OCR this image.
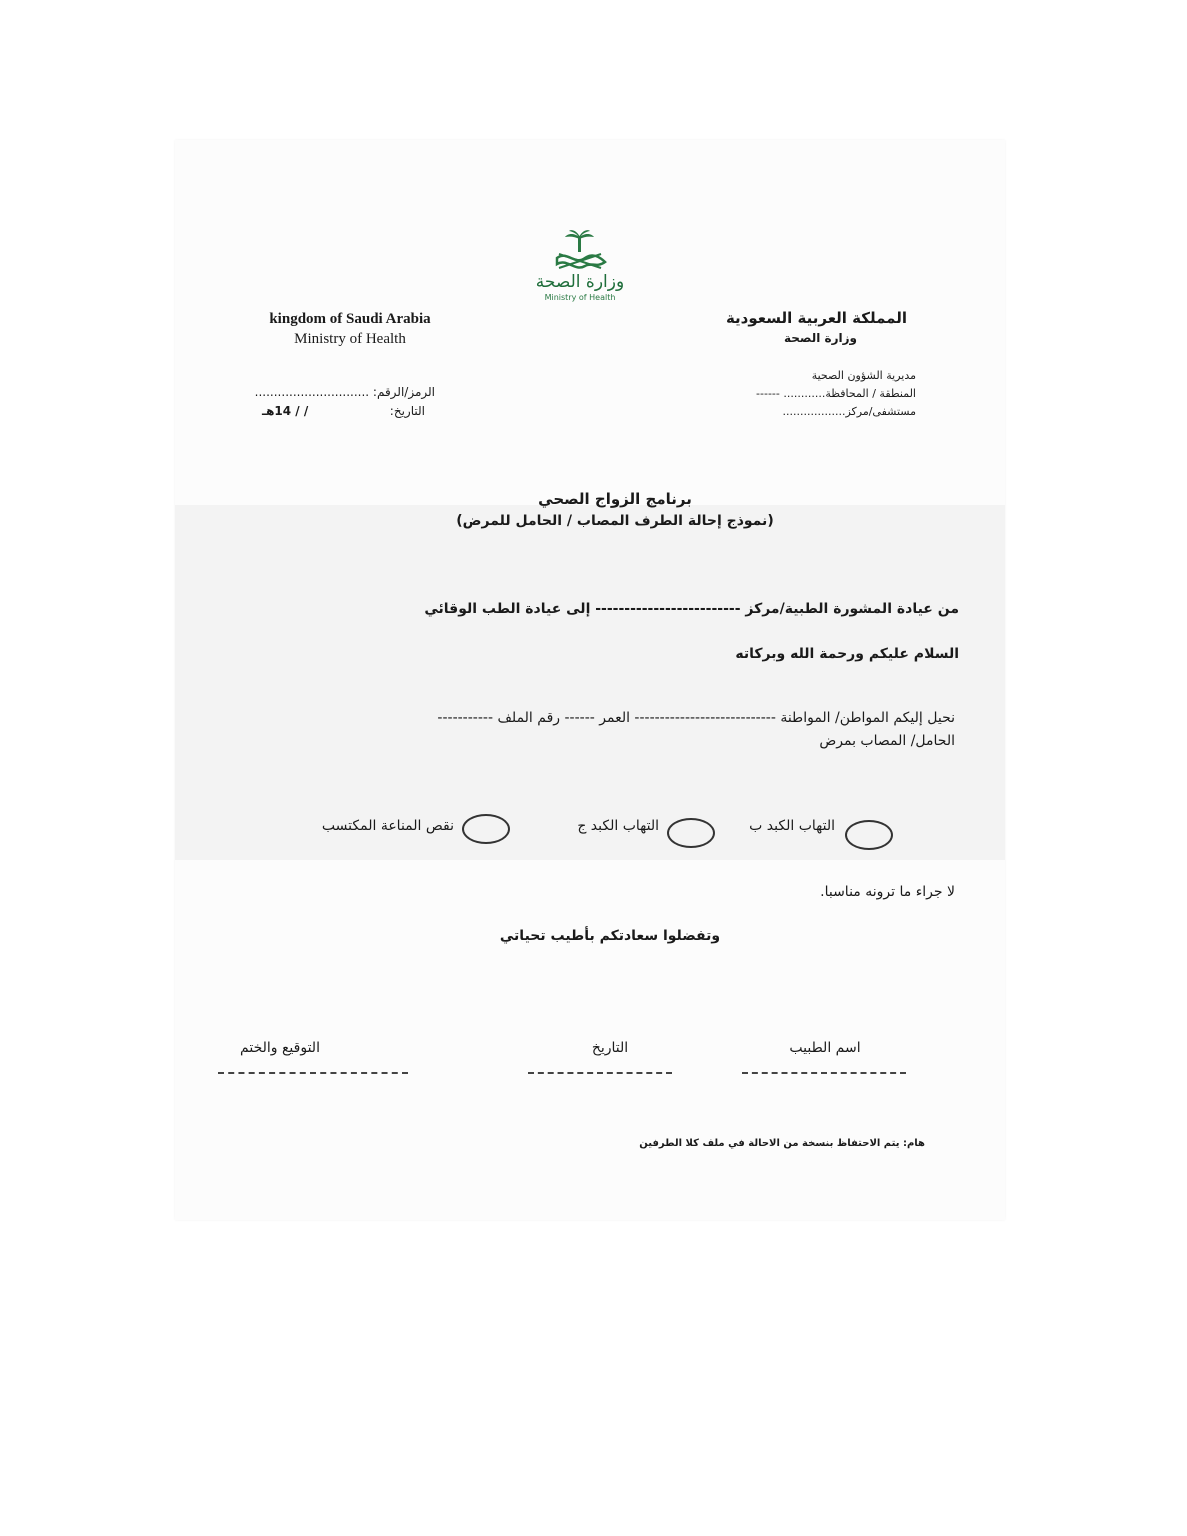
وزارة الصحة
Ministry of Health
kingdom of Saudi Arabia
Ministry of Health
الرمز/الرقم: ..............................
التاريخ:
/ / 14هـ
المملكة العربية السعودية
وزارة الصحة
مديرية الشؤون الصحية
المنطقة / المحافظة............ ------
مستشفى/مركز..................
برنامج الزواج الصحي
(نموذج إحالة الطرف المصاب / الحامل للمرض)
من عيادة المشورة الطبية/مركز ------------------------- إلى عيادة الطب الوقائي
السلام عليكم ورحمة الله وبركاته
نحيل إليكم المواطن/ المواطنة ---------------------------- العمر ------ رقم الملف -----------
الحامل/ المصاب بمرض
التهاب الكبد ب
التهاب الكبد ج
نقص المناعة المكتسب
لا جراء ما ترونه مناسبا.
وتفضلوا سعادتكم بأطيب تحياتي
اسم الطبيب
التاريخ
التوقيع والختم
هام: يتم الاحتفاظ بنسخة من الاحالة في ملف كلا الطرفين
